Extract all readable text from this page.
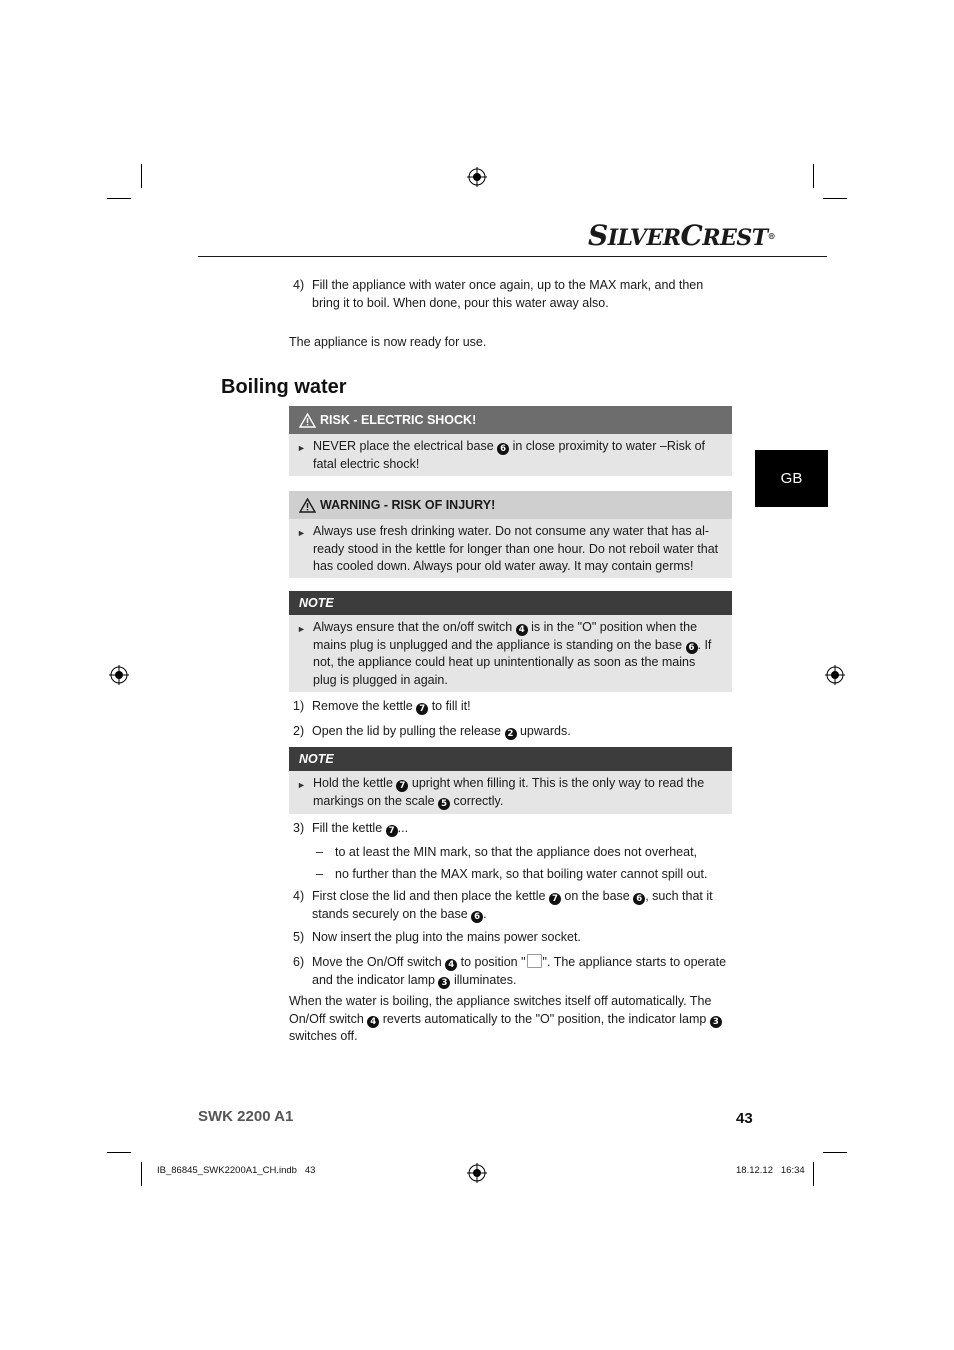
SILVERCREST®
GB
4) Fill the appliance with water once again, up to the MAX mark, and then bring it to boil. When done, pour this water away also.
The appliance is now ready for use.
Boiling water
RISK - ELECTRIC SHOCK!
► NEVER place the electrical base 6 in close proximity to water –Risk of fatal electric shock!
WARNING - RISK OF INJURY!
► Always use fresh drinking water. Do not consume any water that has al-ready stood in the kettle for longer than one hour. Do not reboil water that has cooled down. Always pour old water away. It may contain germs!
NOTE
► Always ensure that the on/off switch 4 is in the "O" position when the mains plug is unplugged and the appliance is standing on the base 6 . If not, the appliance could heat up unintentionally as soon as the mains plug is plugged in again.
1) Remove the kettle 7 to fill it!
2) Open the lid by pulling the release 2 upwards.
NOTE
► Hold the kettle 7 upright when filling it. This is the only way to read the markings on the scale 5 correctly.
3) Fill the kettle 7 ...
– to at least the MIN mark, so that the appliance does not overheat,
– no further than the MAX mark, so that boiling water cannot spill out.
4) First close the lid and then place the kettle 7 on the base 6 , such that it stands securely on the base 6 .
5) Now insert the plug into the mains power socket.
6) Move the On/Off switch 4 to position " ". The appliance starts to operate and the indicator lamp 3 illuminates.
When the water is boiling, the appliance switches itself off automatically. The On/Off switch 4 reverts automatically to the "O" position, the indicator lamp 3 switches off.
SWK 2200 A1	43
IB_86845_SWK2200A1_CH.indb   43	18.12.12   16:34
